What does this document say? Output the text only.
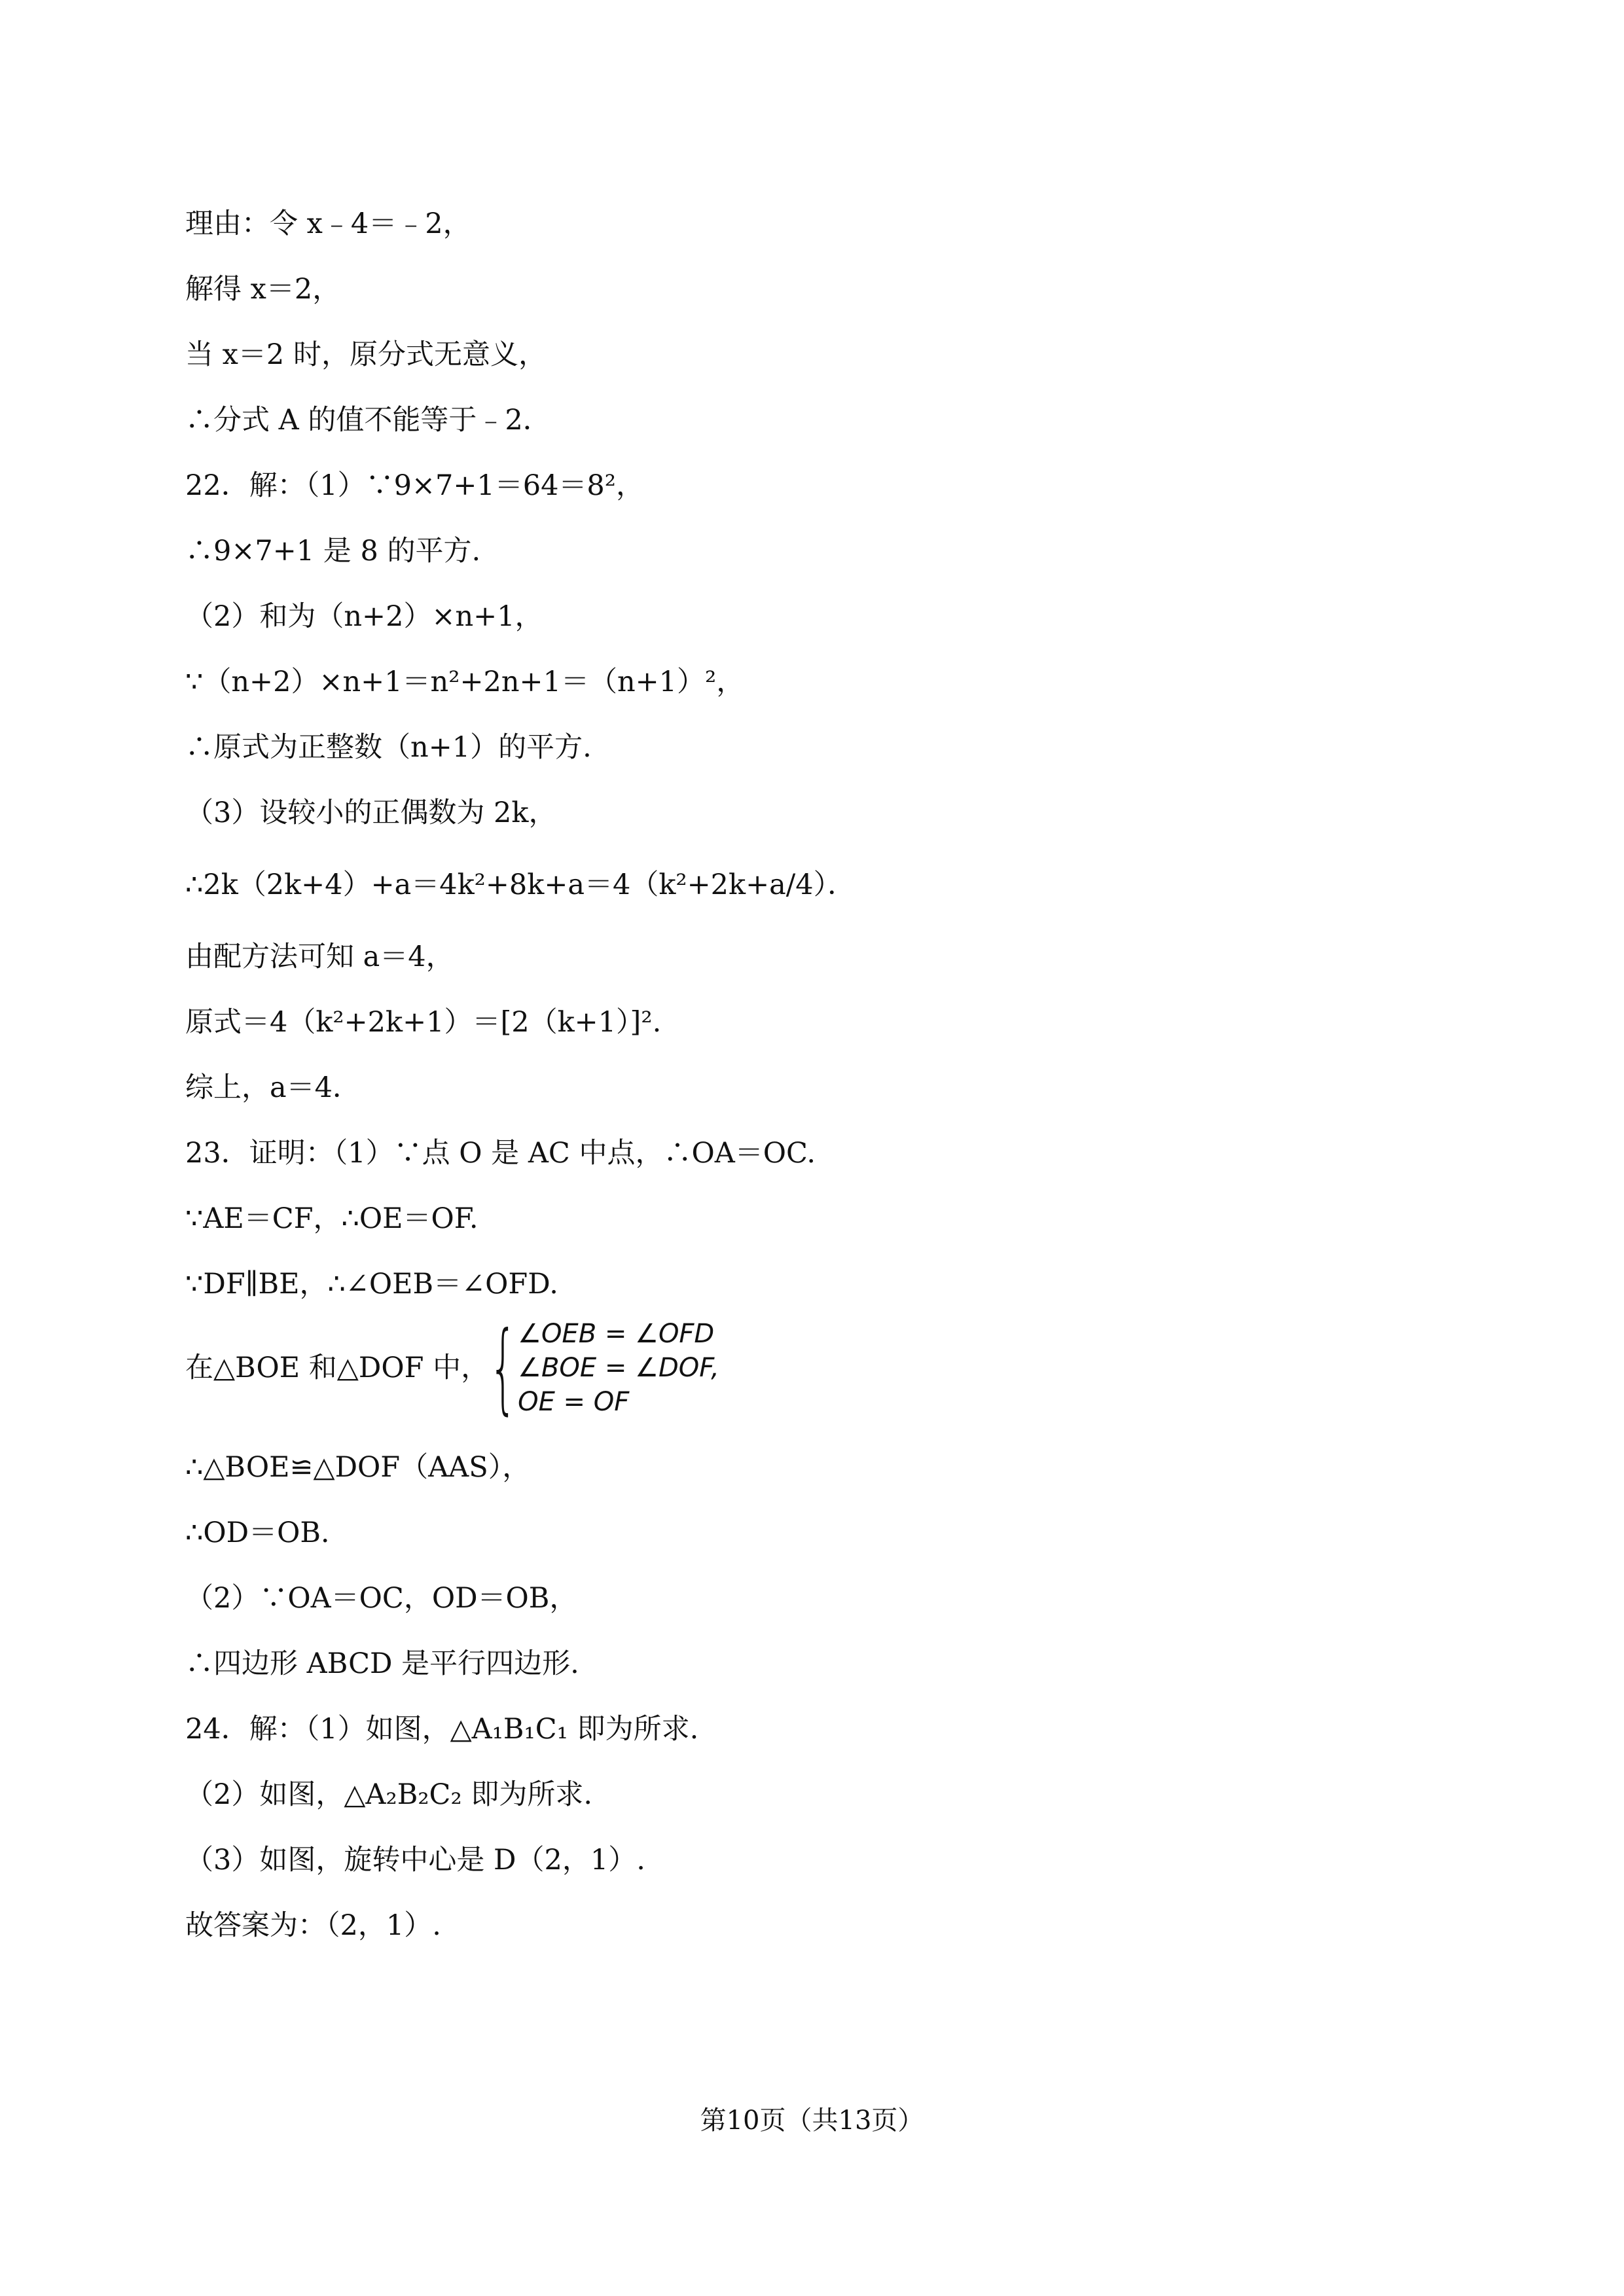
理由：令 x﹣4＝﹣2，
解得 x＝2，
当 x＝2 时，原分式无意义，
∴分式 A 的值不能等于﹣2．
22．解：（1）∵9×7+1＝64＝8²，
∴9×7+1 是 8 的平方.
（2）和为（n+2）×n+1，
∵（n+2）×n+1＝n²+2n+1＝（n+1）²，
∴原式为正整数（n+1）的平方.
（3）设较小的正偶数为 2k，
∴2k（2k+4）+a＝4k²+8k+a＝4（k²+2k+a/4）．
由配方法可知 a＝4，
原式＝4（k²+2k+1）＝[2（k+1）]².
综上，a＝4．
23．证明：（1）∵点 O 是 AC 中点，∴OA＝OC.
∵AE＝CF，∴OE＝OF.
∵DF∥BE，∴∠OEB＝∠OFD.
在△BOE 和△DOF 中， { ∠OEB = ∠OFD
∠BOE = ∠DOF,
OE = OF
∴△BOE≌△DOF（AAS），
∴OD＝OB.
（2）∵OA＝OC，OD＝OB，
∴四边形 ABCD 是平行四边形.
24．解：（1）如图，△A₁B₁C₁ 即为所求.
（2）如图，△A₂B₂C₂ 即为所求.
（3）如图，旋转中心是 D（2，1）.
故答案为：（2，1）.
第10页（共13页）
